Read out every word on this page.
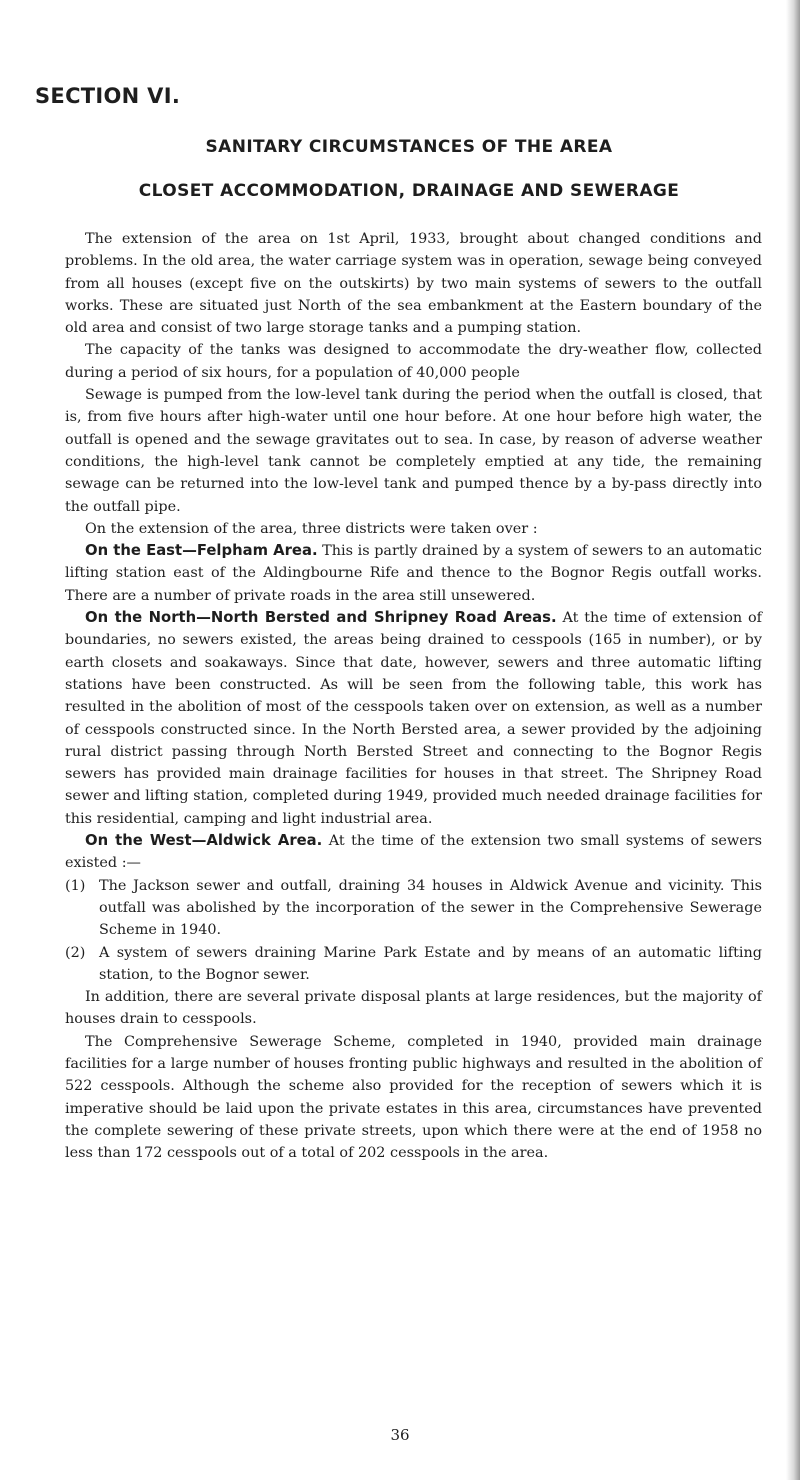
SECTION VI.
SANITARY CIRCUMSTANCES OF THE AREA
CLOSET ACCOMMODATION, DRAINAGE AND SEWERAGE

The extension of the area on 1st April, 1933, brought about changed conditions and problems. In the old area, the water carriage system was in operation, sewage being conveyed from all houses (except five on the outskirts) by two main systems of sewers to the outfall works. These are situated just North of the sea embankment at the Eastern boundary of the old area and consist of two large storage tanks and a pumping station.

The capacity of the tanks was designed to accommodate the dry-weather flow, collected during a period of six hours, for a population of 40,000 people

Sewage is pumped from the low-level tank during the period when the outfall is closed, that is, from five hours after high-water until one hour before. At one hour before high water, the outfall is opened and the sewage gravitates out to sea. In case, by reason of adverse weather conditions, the high-level tank cannot be completely emptied at any tide, the remaining sewage can be returned into the low-level tank and pumped thence by a by-pass directly into the outfall pipe.

On the extension of the area, three districts were taken over :

On the East—Felpham Area. This is partly drained by a system of sewers to an automatic lifting station east of the Aldingbourne Rife and thence to the Bognor Regis outfall works. There are a number of private roads in the area still unsewered.

On the North—North Bersted and Shripney Road Areas. At the time of extension of boundaries, no sewers existed, the areas being drained to cesspools (165 in number), or by earth closets and soakaways. Since that date, however, sewers and three automatic lifting stations have been constructed. As will be seen from the following table, this work has resulted in the abolition of most of the cesspools taken over on extension, as well as a number of cesspools constructed since. In the North Bersted area, a sewer provided by the adjoining rural district passing through North Bersted Street and connecting to the Bognor Regis sewers has provided main drainage facilities for houses in that street. The Shripney Road sewer and lifting station, completed during 1949, provided much needed drainage facilities for this residential, camping and light industrial area.

On the West—Aldwick Area. At the time of the extension two small systems of sewers existed :—

(1) The Jackson sewer and outfall, draining 34 houses in Aldwick Avenue and vicinity. This outfall was abolished by the incorporation of the sewer in the Comprehensive Sewerage Scheme in 1940.

(2) A system of sewers draining Marine Park Estate and by means of an automatic lifting station, to the Bognor sewer.

In addition, there are several private disposal plants at large residences, but the majority of houses drain to cesspools.

The Comprehensive Sewerage Scheme, completed in 1940, provided main drainage facilities for a large number of houses fronting public highways and resulted in the abolition of 522 cesspools. Although the scheme also provided for the reception of sewers which it is imperative should be laid upon the private estates in this area, circumstances have prevented the complete sewering of these private streets, upon which there were at the end of 1958 no less than 172 cesspools out of a total of 202 cesspools in the area.

36
